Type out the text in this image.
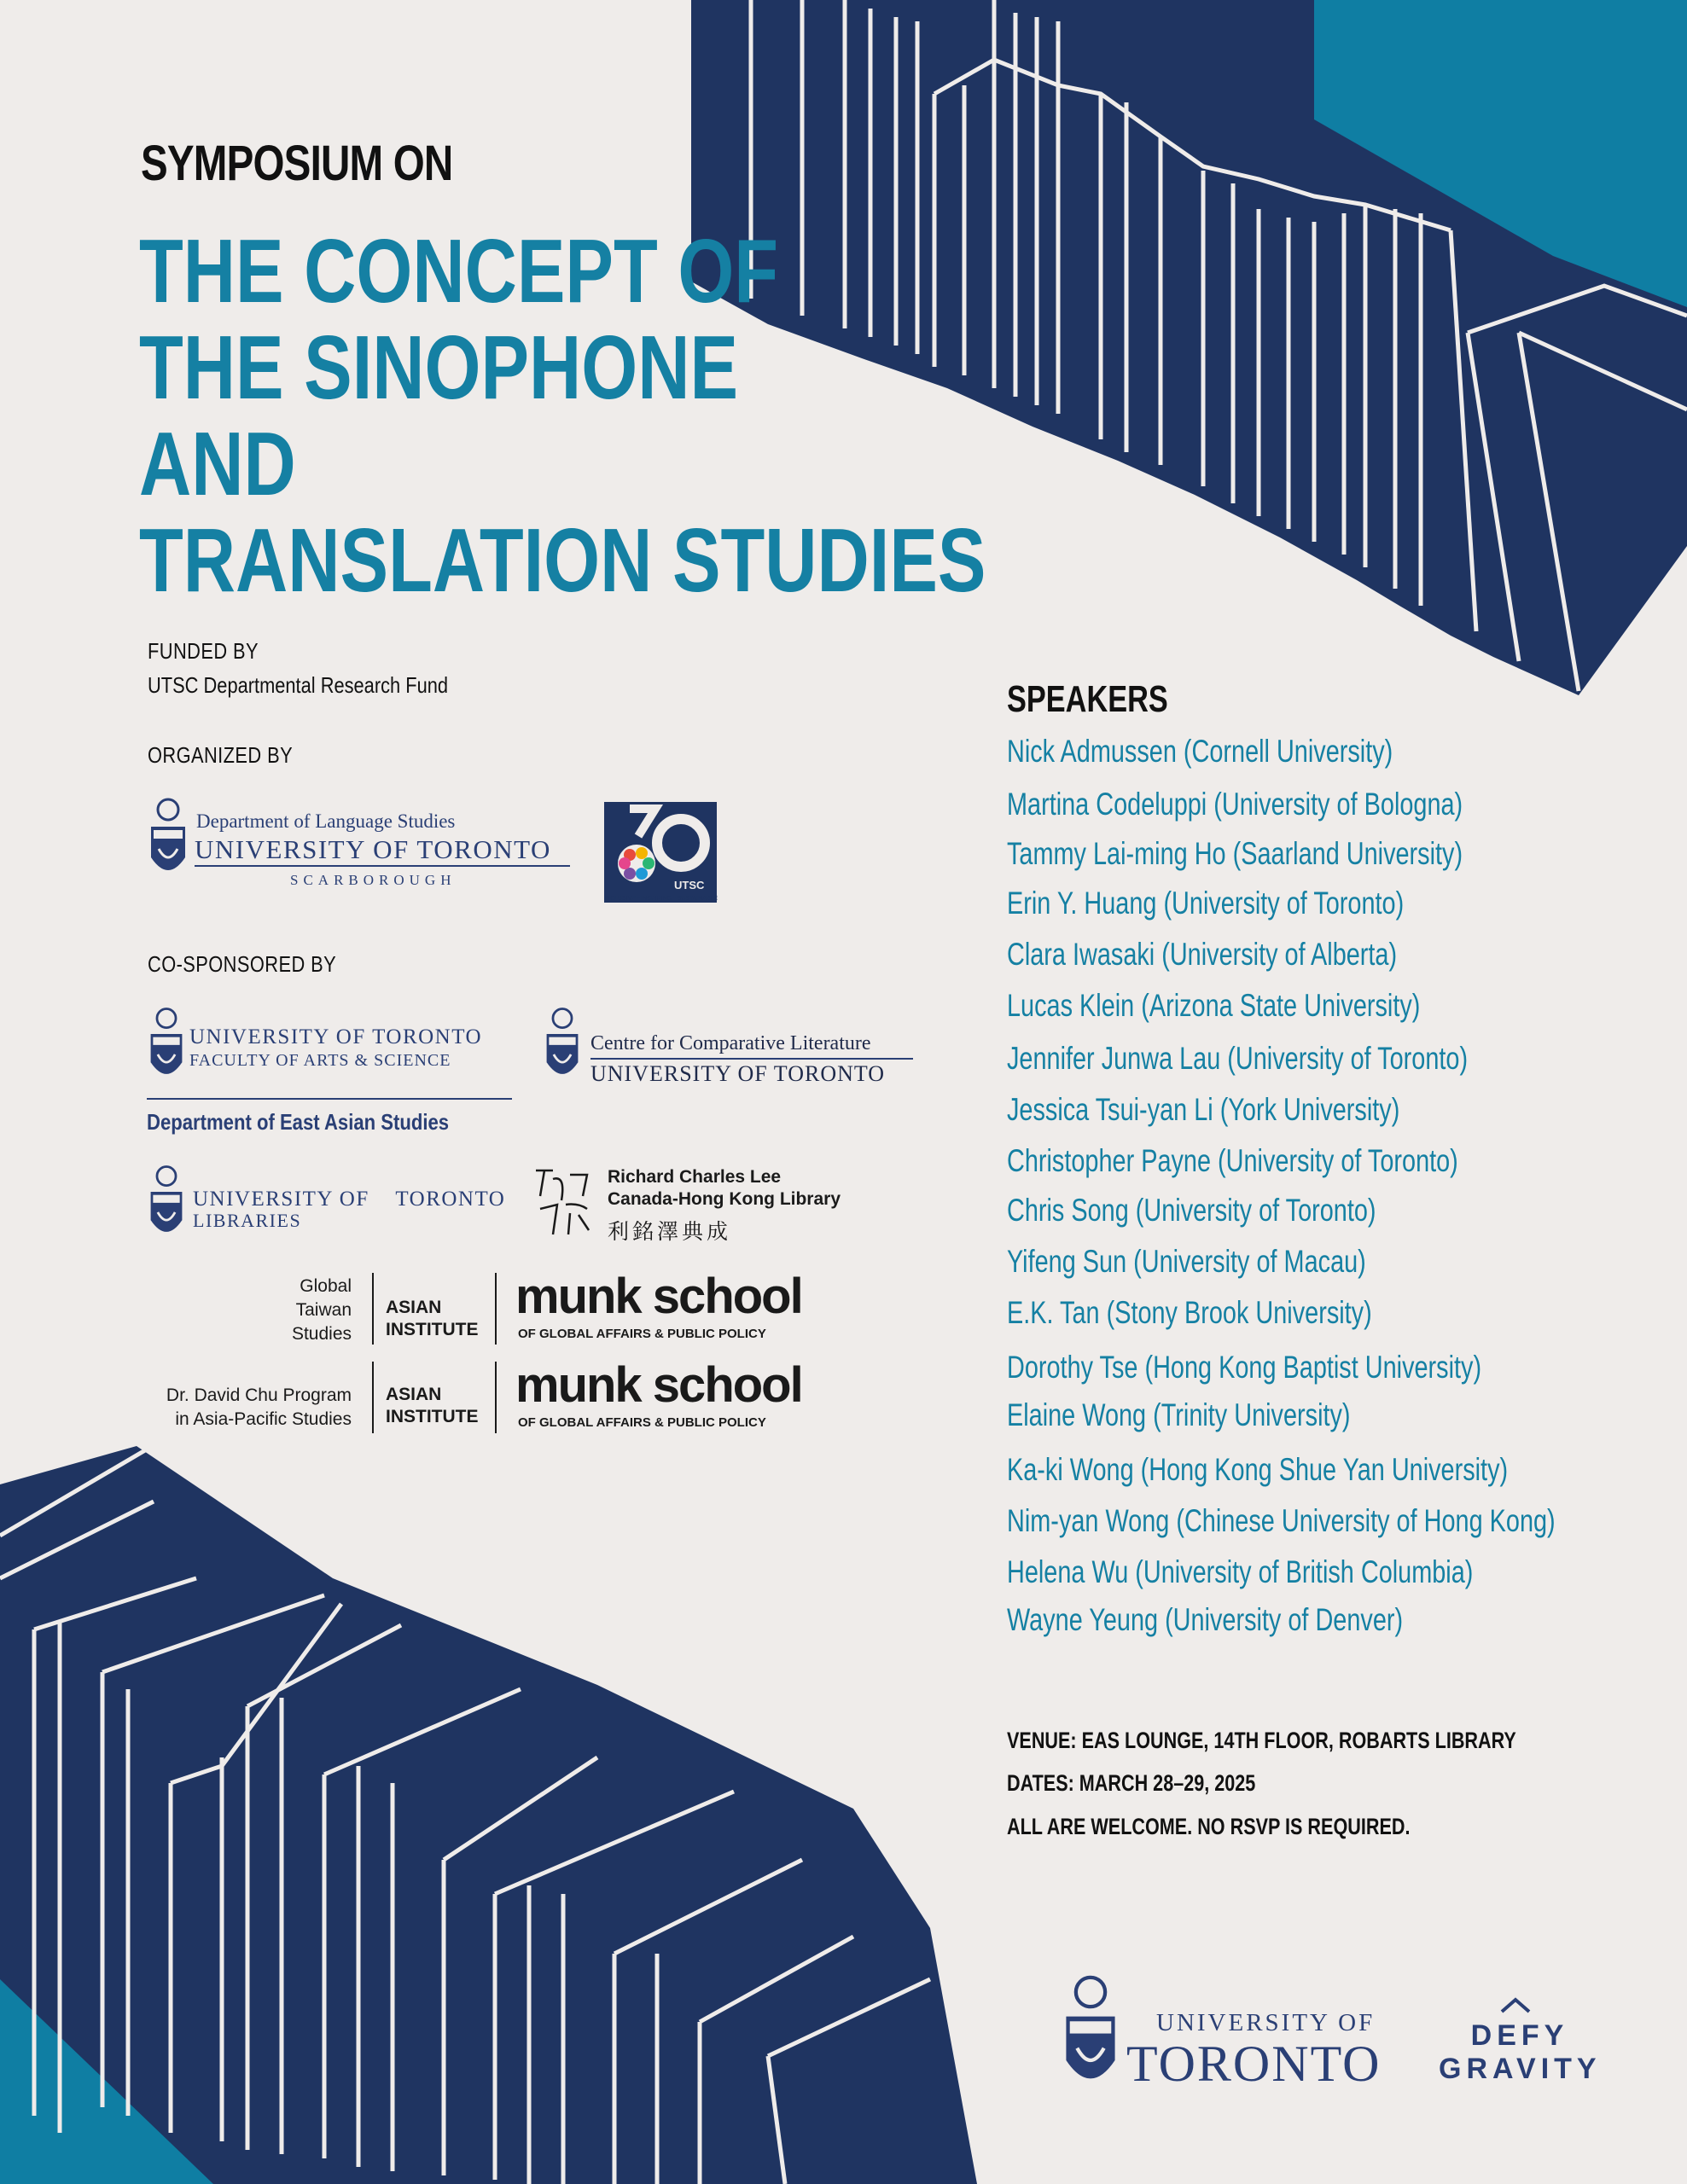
SYMPOSIUM ON
THE CONCEPT OF
THE SINOPHONE
AND
TRANSLATION STUDIES
FUNDED BY
UTSC Departmental Research Fund
ORGANIZED BY
Department of Language Studies
UNIVERSITY OF TORONTO
SCARBOROUGH	UTSC
INCLUSIVE • INSPIRING • SUSTAINABLE
CO-SPONSORED BY
UNIVERSITY OF TORONTO
FACULTY OF ARTS & SCIENCE
Department of East Asian Studies
Centre for Comparative Literature
UNIVERSITY OF TORONTO
UNIVERSITY OF    TORONTO
LIBRARIES
Richard Charles Lee
Canada-Hong Kong Library
利銘澤典成
Global
Taiwan
Studies
ASIAN
INSTITUTE
munk school
OF GLOBAL AFFAIRS & PUBLIC POLICY
Dr. David Chu Program
in Asia-Pacific Studies
ASIAN
INSTITUTE
munk school
OF GLOBAL AFFAIRS & PUBLIC POLICY
SPEAKERS
Nick Admussen (Cornell University)
Martina Codeluppi (University of Bologna)
Tammy Lai-ming Ho (Saarland University)
Erin Y. Huang (University of Toronto)
Clara Iwasaki (University of Alberta)
Lucas Klein (Arizona State University)
Jennifer Junwa Lau (University of Toronto)
Jessica Tsui-yan Li (York University)
Christopher Payne (University of Toronto)
Chris Song (University of Toronto)
Yifeng Sun (University of Macau)
E.K. Tan (Stony Brook University)
Dorothy Tse (Hong Kong Baptist University)
Elaine Wong (Trinity University)
Ka-ki Wong (Hong Kong Shue Yan University)
Nim-yan Wong (Chinese University of Hong Kong)
Helena Wu (University of British Columbia)
Wayne Yeung (University of Denver)
VENUE: EAS LOUNGE, 14TH FLOOR, ROBARTS LIBRARY
DATES: MARCH 28–29, 2025
ALL ARE WELCOME. NO RSVP IS REQUIRED.
UNIVERSITY OF
TORONTO	DEFY
GRAVITY
